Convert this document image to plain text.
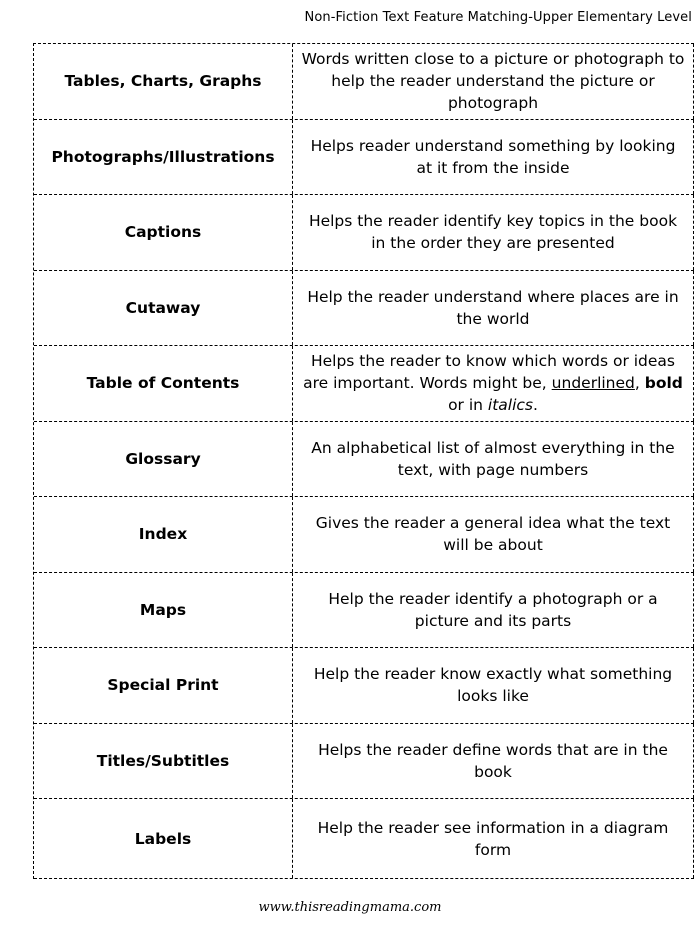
Non-Fiction Text Feature Matching-Upper Elementary Level
Tables, Charts, Graphs
Words written close to a picture or photograph to help the reader understand the picture or photograph
Photographs/Illustrations
Helps reader understand something by looking at it from the inside
Captions
Helps the reader identify key topics in the book in the order they are presented
Cutaway
Help the reader understand where places are in the world
Table of Contents
Helps the reader to know which words or ideas are important. Words might be, underlined, bold or in italics.
Glossary
An alphabetical list of almost everything in the text, with page numbers
Index
Gives the reader a general idea what the text will be about
Maps
Help the reader identify a photograph or a picture and its parts
Special Print
Help the reader know exactly what something looks like
Titles/Subtitles
Helps the reader define words that are in the book
Labels
Help the reader see information in a diagram form
www.thisreadingmama.com
